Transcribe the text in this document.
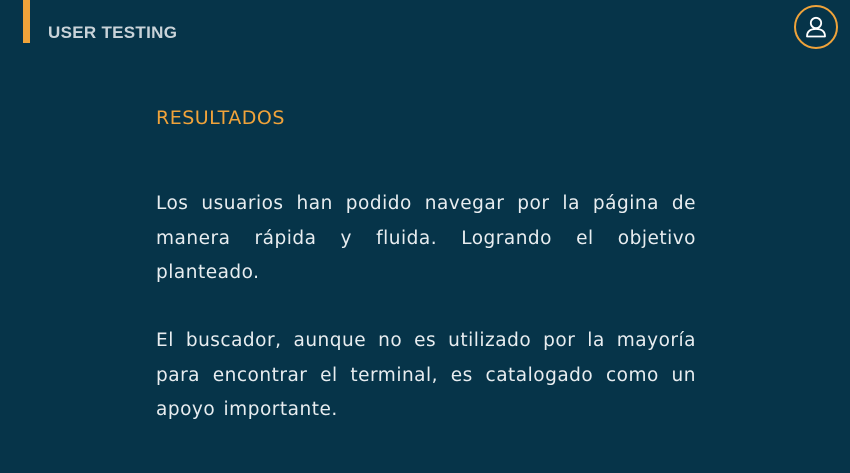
USER TESTING
RESULTADOS

Los usuarios han podido navegar por la página de manera rápida y fluida. Logrando el objetivo planteado.

El buscador, aunque no es utilizado por la mayoría para encontrar el terminal, es catalogado como un apoyo importante.
